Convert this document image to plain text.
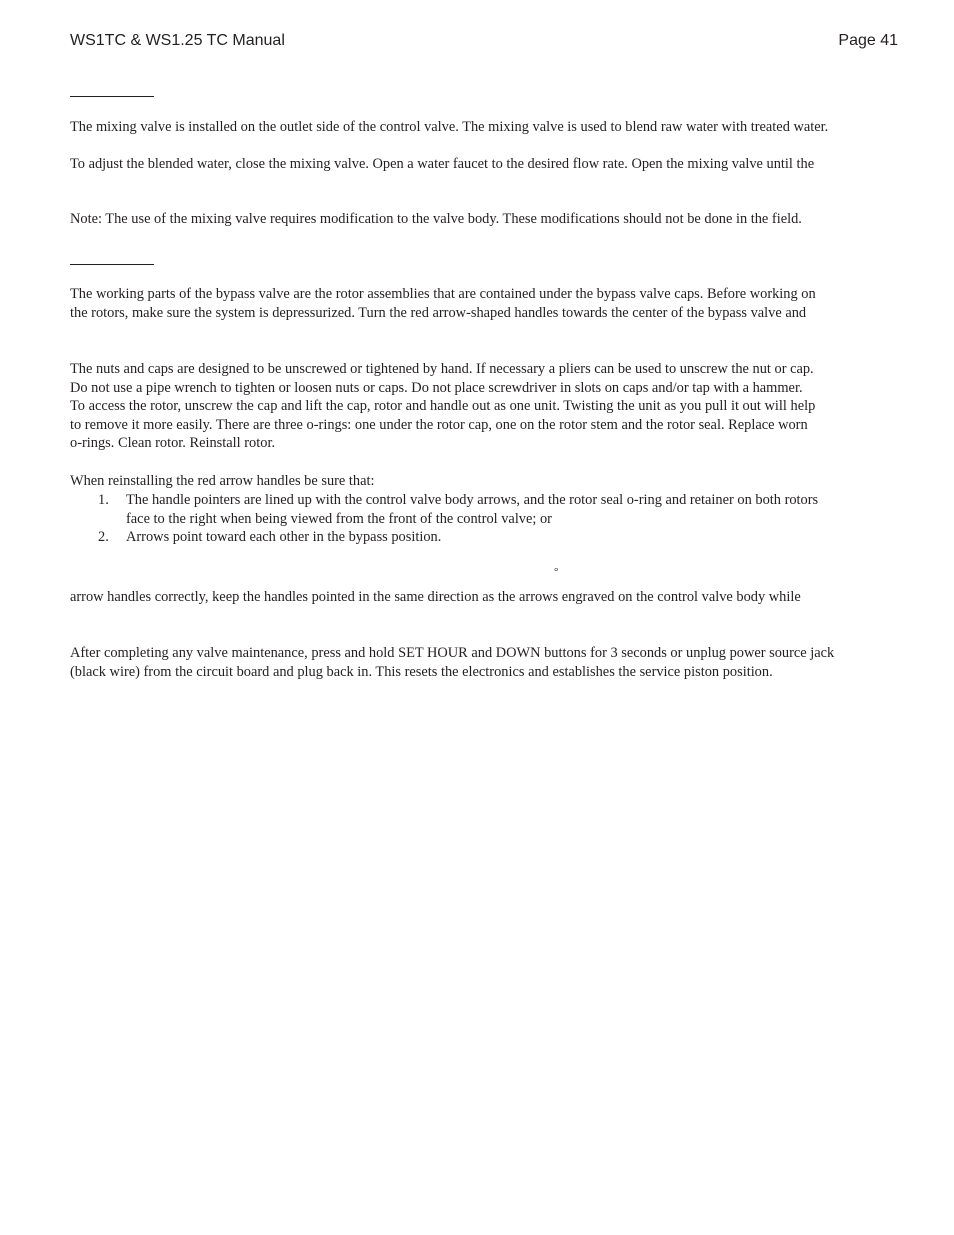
WS1TC & WS1.25 TC Manual	Page 41
The mixing valve is installed on the outlet side of the control valve. The mixing valve is used to blend raw water with treated water.
To adjust the blended water, close the mixing valve. Open a water faucet to the desired flow rate. Open the mixing valve until the
Note: The use of the mixing valve requires modification to the valve body. These modifications should not be done in the field.
The working parts of the bypass valve are the rotor assemblies that are contained under the bypass valve caps. Before working on
the rotors, make sure the system is depressurized. Turn the red arrow-shaped handles towards the center of the bypass valve and
The nuts and caps are designed to be unscrewed or tightened by hand. If necessary a pliers can be used to unscrew the nut or cap.
Do not use a pipe wrench to tighten or loosen nuts or caps. Do not place screwdriver in slots on caps and/or tap with a hammer.
To access the rotor, unscrew the cap and lift the cap, rotor and handle out as one unit. Twisting the unit as you pull it out will help
to remove it more easily. There are three o-rings: one under the rotor cap, one on the rotor stem and the rotor seal. Replace worn
o-rings. Clean rotor. Reinstall rotor.
When reinstalling the red arrow handles be sure that:
1. The handle pointers are lined up with the control valve body arrows, and the rotor seal o-ring and retainer on both rotors
face to the right when being viewed from the front of the control valve; or
2. Arrows point toward each other in the bypass position.
°
arrow handles correctly, keep the handles pointed in the same direction as the arrows engraved on the control valve body while
After completing any valve maintenance, press and hold SET HOUR and DOWN buttons for 3 seconds or unplug power source jack
(black wire) from the circuit board and plug back in. This resets the electronics and establishes the service piston position.
